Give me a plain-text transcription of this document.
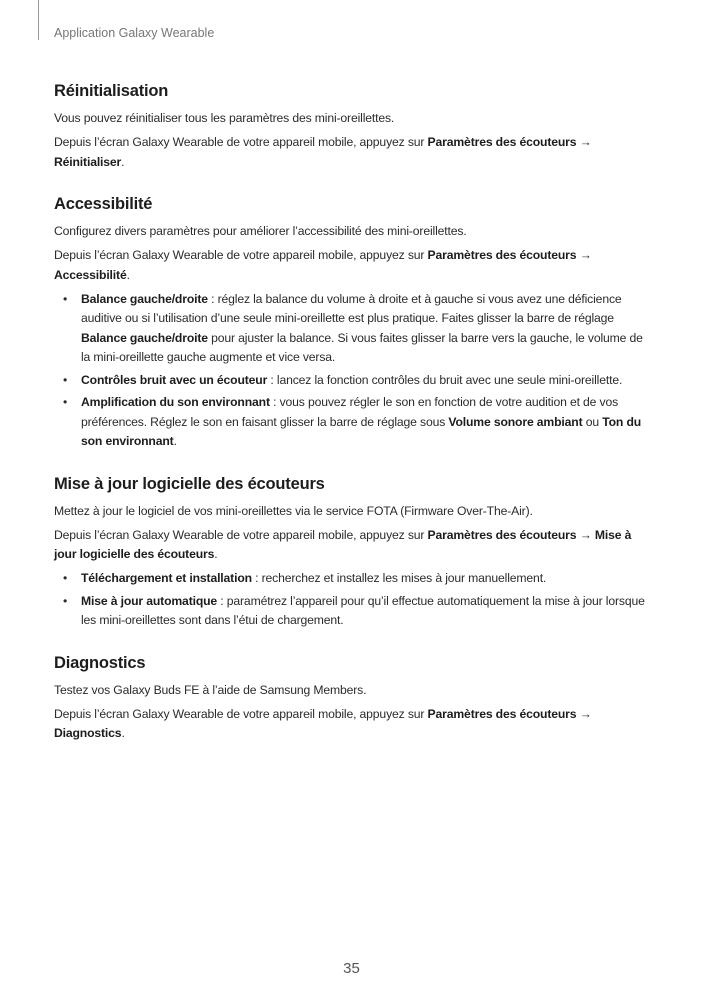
Application Galaxy Wearable
Réinitialisation

Vous pouvez réinitialiser tous les paramètres des mini-oreillettes.

Depuis l’écran Galaxy Wearable de votre appareil mobile, appuyez sur Paramètres des écouteurs → Réinitialiser.

Accessibilité

Configurez divers paramètres pour améliorer l’accessibilité des mini-oreillettes.

Depuis l’écran Galaxy Wearable de votre appareil mobile, appuyez sur Paramètres des écouteurs → Accessibilité.

• Balance gauche/droite : réglez la balance du volume à droite et à gauche si vous avez une déficience auditive ou si l’utilisation d’une seule mini-oreillette est plus pratique. Faites glisser la barre de réglage Balance gauche/droite pour ajuster la balance. Si vous faites glisser la barre vers la gauche, le volume de la mini-oreillette gauche augmente et vice versa.
• Contrôles bruit avec un écouteur : lancez la fonction contrôles du bruit avec une seule mini-oreillette.
• Amplification du son environnant : vous pouvez régler le son en fonction de votre audition et de vos préférences. Réglez le son en faisant glisser la barre de réglage sous Volume sonore ambiant ou Ton du son environnant.
Mise à jour logicielle des écouteurs

Mettez à jour le logiciel de vos mini-oreillettes via le service FOTA (Firmware Over-The-Air).

Depuis l’écran Galaxy Wearable de votre appareil mobile, appuyez sur Paramètres des écouteurs → Mise à jour logicielle des écouteurs.

• Téléchargement et installation : recherchez et installez les mises à jour manuellement.
• Mise à jour automatique : paramétrez l’appareil pour qu’il effectue automatiquement la mise à jour lorsque les mini-oreillettes sont dans l’étui de chargement.
Diagnostics

Testez vos Galaxy Buds FE à l’aide de Samsung Members.

Depuis l’écran Galaxy Wearable de votre appareil mobile, appuyez sur Paramètres des écouteurs → Diagnostics.

35
